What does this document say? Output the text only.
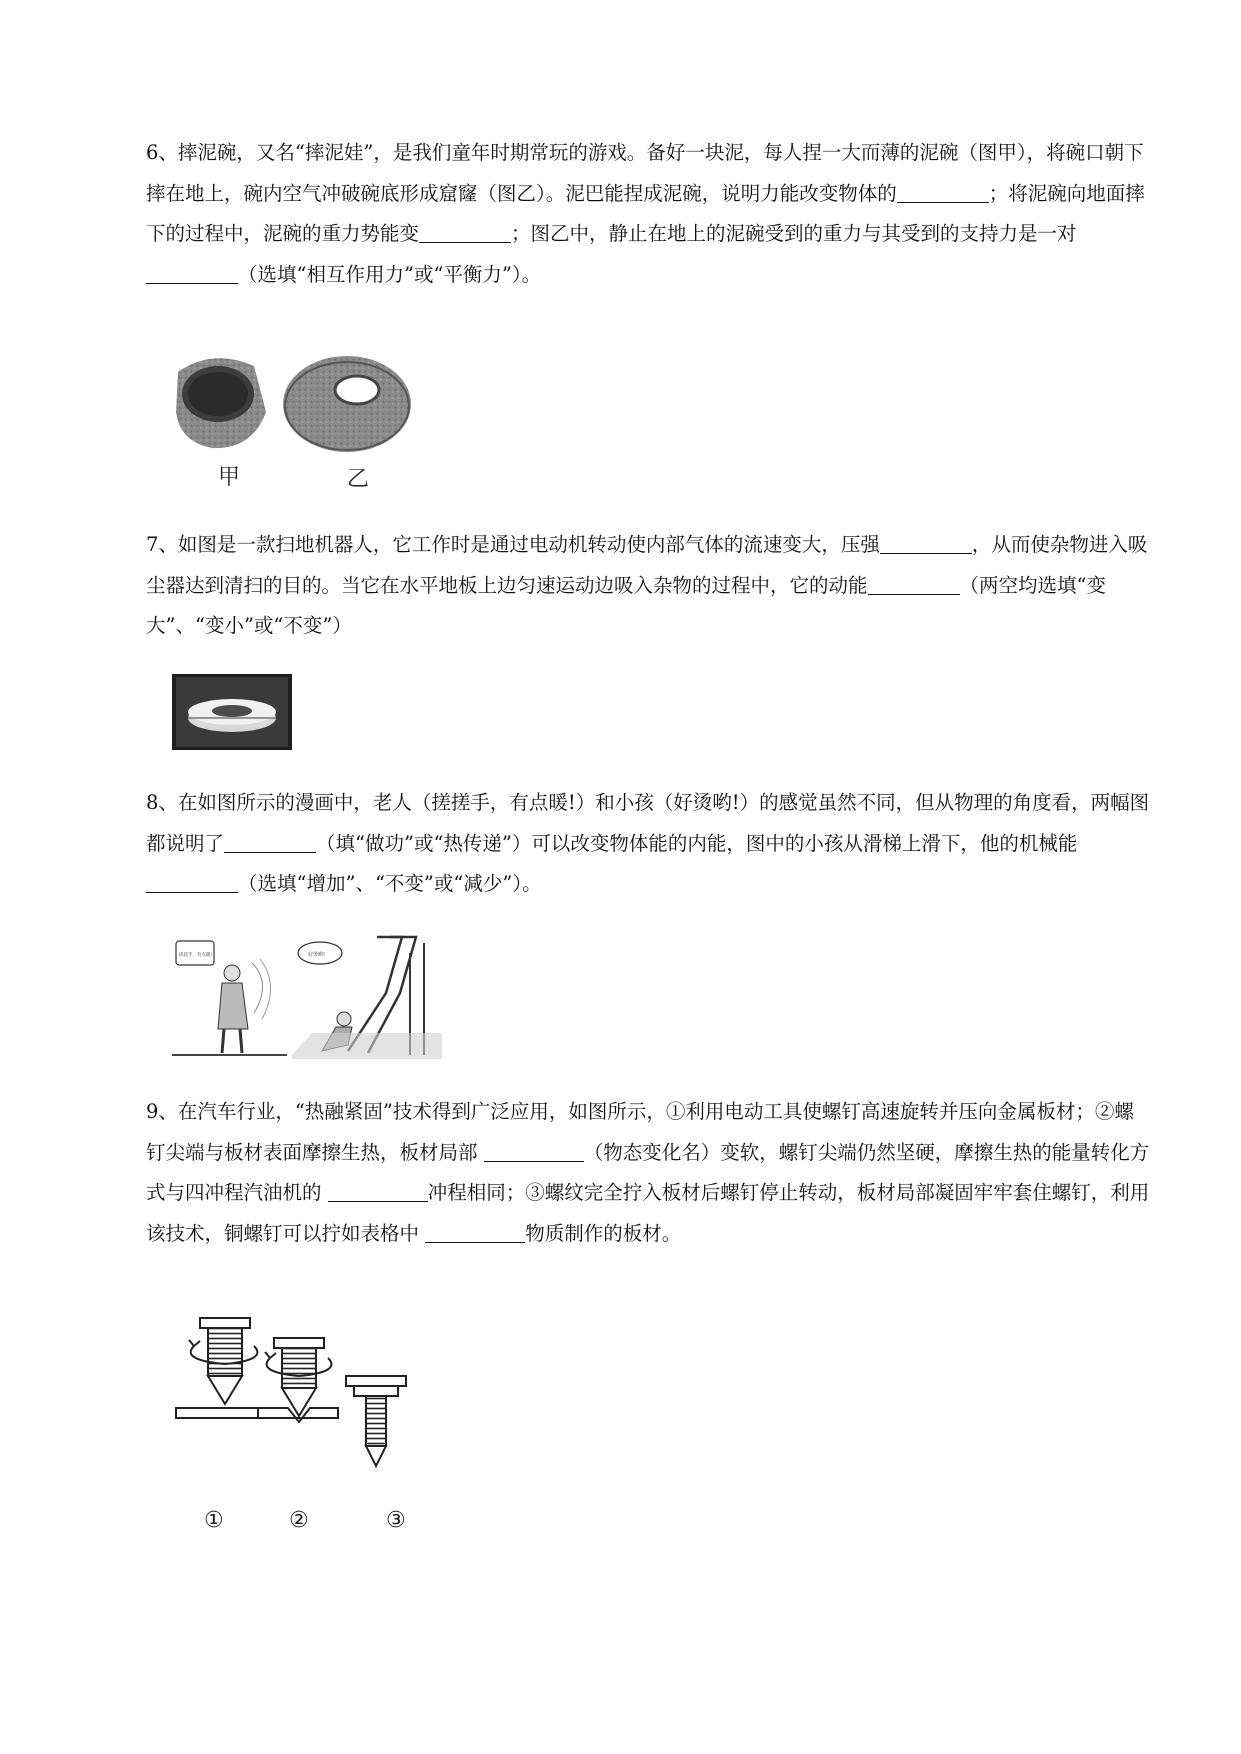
6、摔泥碗，又名“摔泥娃”，是我们童年时期常玩的游戏。备好一块泥，每人捏一大而薄的泥碗（图甲），将碗口朝下摔在地上，碗内空气冲破碗底形成窟窿（图乙）。泥巴能捏成泥碗，说明力能改变物体的	；将泥碗向地面摔下的过程中，泥碗的重力势能变	；图乙中，静止在地上的泥碗受到的重力与其受到的支持力是一对（选填“相互作用力”或“平衡力”）。
甲	乙
7、如图是一款扫地机器人，它工作时是通过电动机转动使内部气体的流速变大，压强	，从而使杂物进入吸尘器达到清扫的目的。当它在水平地板上边匀速运动边吸入杂物的过程中，它的动能	（两空均选填“变大”、“变小”或“不变”）
8、在如图所示的漫画中，老人（搓搓手，有点暖!）和小孩（好烫哟!）的感觉虽然不同，但从物理的角度看，两幅图都说明了	（填“做功”或“热传递”）可以改变物体能的内能，图中的小孩从滑梯上滑下，他的机械能（选填“增加”、“不变”或“减少”）。
搓搓手，有点暖!	好烫哟!
9、在汽车行业，“热融紧固”技术得到广泛应用，如图所示，①利用电动工具使螺钉高速旋转并压向金属板材；②螺钉尖端与板材表面摩擦生热，板材局部	（物态变化名）变软，螺钉尖端仍然坚硬，摩擦生热的能量转化方式与四冲程汽油机的	冲程相同；③螺纹完全拧入板材后螺钉停止转动，板材局部凝固牢牢套住螺钉，利用该技术，铜螺钉可以拧如表格中	物质制作的板材。
①	②	③
